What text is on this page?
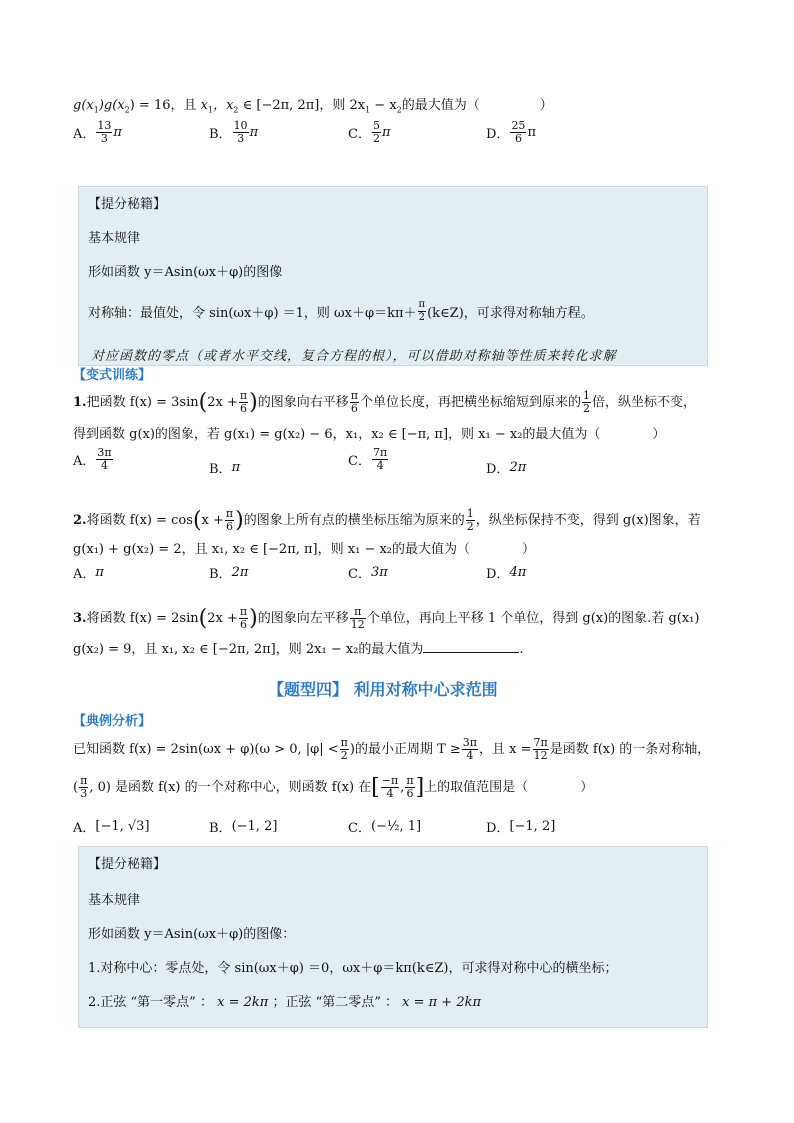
$g(x_1)g(x_2) = 16$，且 $x_1$，$x_2$ ∈ [−2π, 2π]，则 $2x_1 - x_2$的最大值为（	）
A． $\frac{13}{3}$ π	B． $\frac{10}{3}$ π	C． $\frac{5}{2}$ π	D． $\frac{25}{6}$ π
【提分秘籍】
基本规律
形如函数 y＝Asin(ωx＋φ)的图像
对称轴：最值处，令 sin(ωx＋φ) ＝1，则 $\omega x+\varphi=k\pi+ \frac{\pi}{2}$ (k∈Z)，可求得对称轴方程。
对应函数的零点（或者水平交线，复合方程的根），可以借助对称轴等性质来转化求解
【变式训练】
1. 把函数 f(x) = 3sin ( $2x + \frac{\pi}{6}$ ) 的图象向右平移 $\frac{\pi}{6}$ 个单位长度，再把横坐标缩短到原来的 $\frac{1}{2}$ 倍，纵坐标不变，
得到函数 g(x)的图象，若 g(x₁) = g(x₂) − 6，x₁，x₂ ∈ [−π, π]，则 x₁ − x₂的最大值为（	）
A． $\frac{3\pi}{4}$	B． π	C． $\frac{7\pi}{4}$	D． 2π
2. 将函数 f(x) = cos ( $x + \frac{\pi}{6}$ ) 的图象上所有点的横坐标压缩为原来的 $\frac{1}{2}$ ，纵坐标保持不变，得到 g(x)图象，若
g(x₁) + g(x₂) = 2，且 x₁, x₂ ∈ [−2π, π]，则 x₁ − x₂的最大值为（	）
A． π	B． 2π	C． 3π	D． 4π
3. 将函数 f(x) = 2sin ( $2x + \frac{\pi}{6}$ ) 的图象向左平移 $\frac{\pi}{12}$ 个单位，再向上平移 1 个单位，得到 g(x)的图象.若 g(x₁)
g(x₂) = 9，且 x₁, x₂ ∈ [−2π, 2π]，则 2x₁ − x₂的最大值为	.
【题型四】 利用对称中心求范围
【典例分析】
已知函数 f(x) = 2sin(ωx + φ)(ω > 0, $|\varphi| < \frac{\pi}{2}$ )的最小正周期 $T \ge \frac{3\pi}{4}$ ，且 $x = \frac{7\pi}{12}$ 是函数 f(x) 的一条对称轴，
( $\frac{\pi}{3}$ , 0) 是函数 f(x) 的一个对称中心，则函数 f(x) 在 [ $\frac{-\pi}{4}$ , $\frac{\pi}{6}$ ] 上的取值范围是（	）
A． [−1, √3]	B． (−1, 2]	C． (−½, 1]	D． [−1, 2]
【提分秘籍】
基本规律
形如函数 y＝Asin(ωx＋φ)的图像：
1.对称中心：零点处，令 sin(ωx＋φ) ＝0，ωx＋φ＝kπ(k∈Z)，可求得对称中心的横坐标；
2.正弦 “第一零点” ： x = 2kπ ；正弦 “第二零点” ： x = π + 2kπ
